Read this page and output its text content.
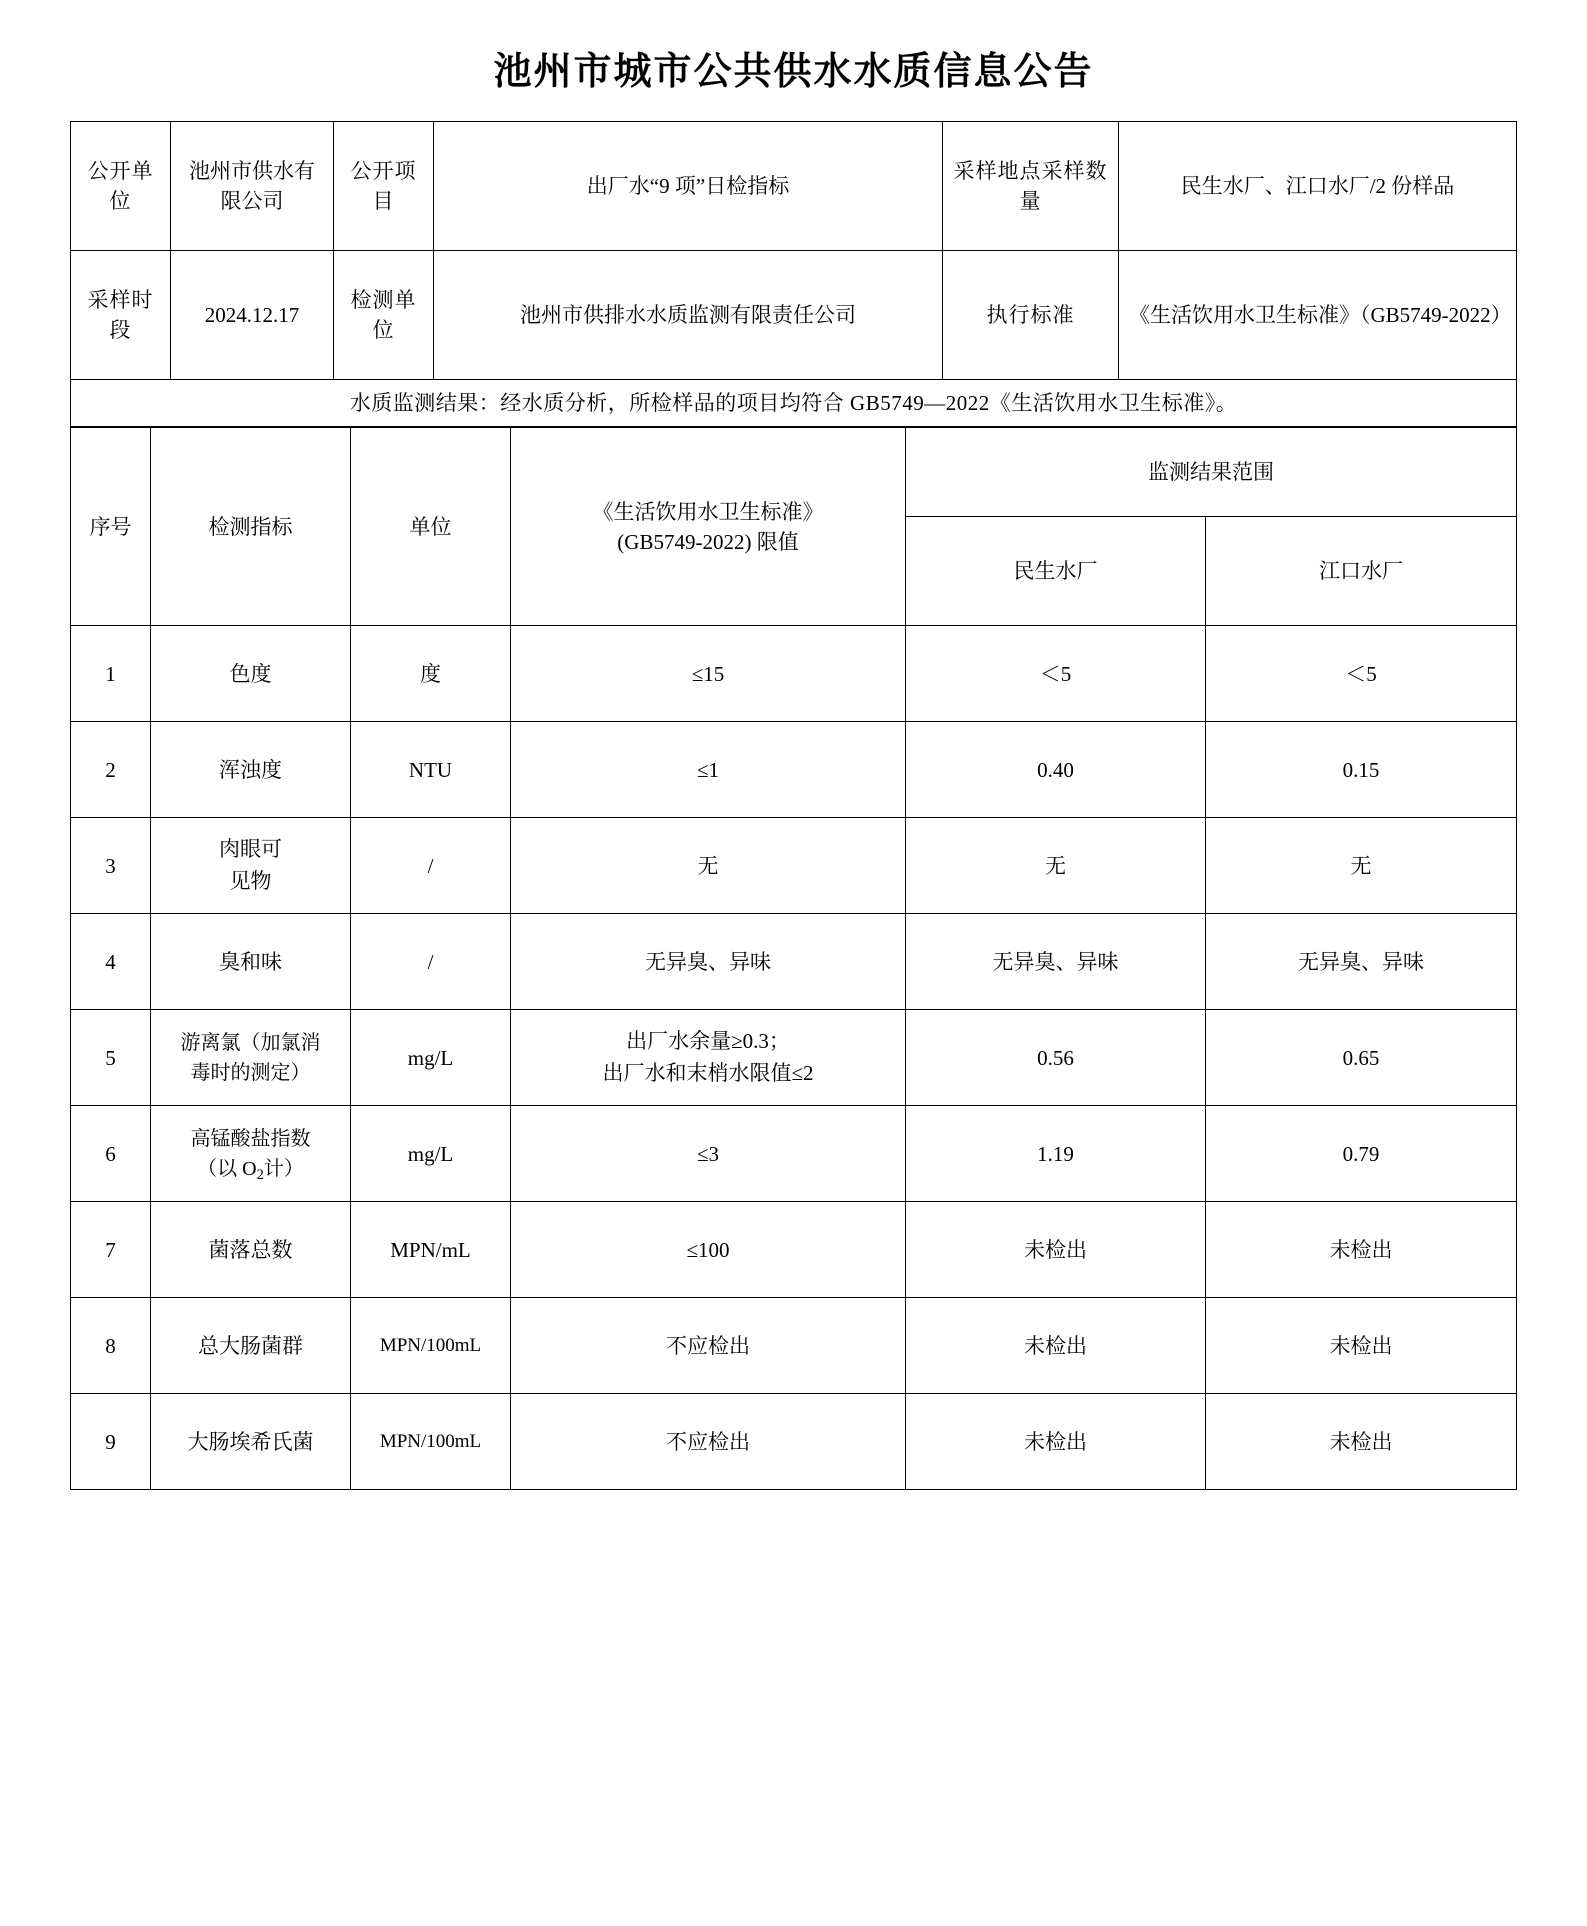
池州市城市公共供水水质信息公告
公开单位	池州市供水有限公司	公开项目	出厂水“9 项”日检指标	采样地点采样数量	民生水厂、江口水厂/2 份样品
采样时段	2024.12.17	检测单位	池州市供排水水质监测有限责任公司	执行标准	《生活饮用水卫生标准》（GB5749-2022）
水质监测结果：经水质分析，所检样品的项目均符合 GB5749—2022《生活饮用水卫生标准》。					
序号	检测指标	单位	《生活饮用水卫生标准》
(GB5749-2022) 限值	监测结果范围	
				民生水厂	江口水厂
1	色度	度	≤15	＜5	＜5
2	浑浊度	NTU	≤1	0.40	0.15
3	肉眼可
见物	/	无	无	无
4	臭和味	/	无异臭、异味	无异臭、异味	无异臭、异味
5	游离氯（加氯消
毒时的测定）	mg/L	出厂水余量≥0.3；
出厂水和末梢水限值≤2	0.56	0.65
6	高锰酸盐指数
（以 $O_2$计）	mg/L	≤3	1.19	0.79
7	菌落总数	MPN/mL	≤100	未检出	未检出
8	总大肠菌群	MPN/100mL	不应检出	未检出	未检出
9	大肠埃希氏菌	MPN/100mL	不应检出	未检出	未检出
